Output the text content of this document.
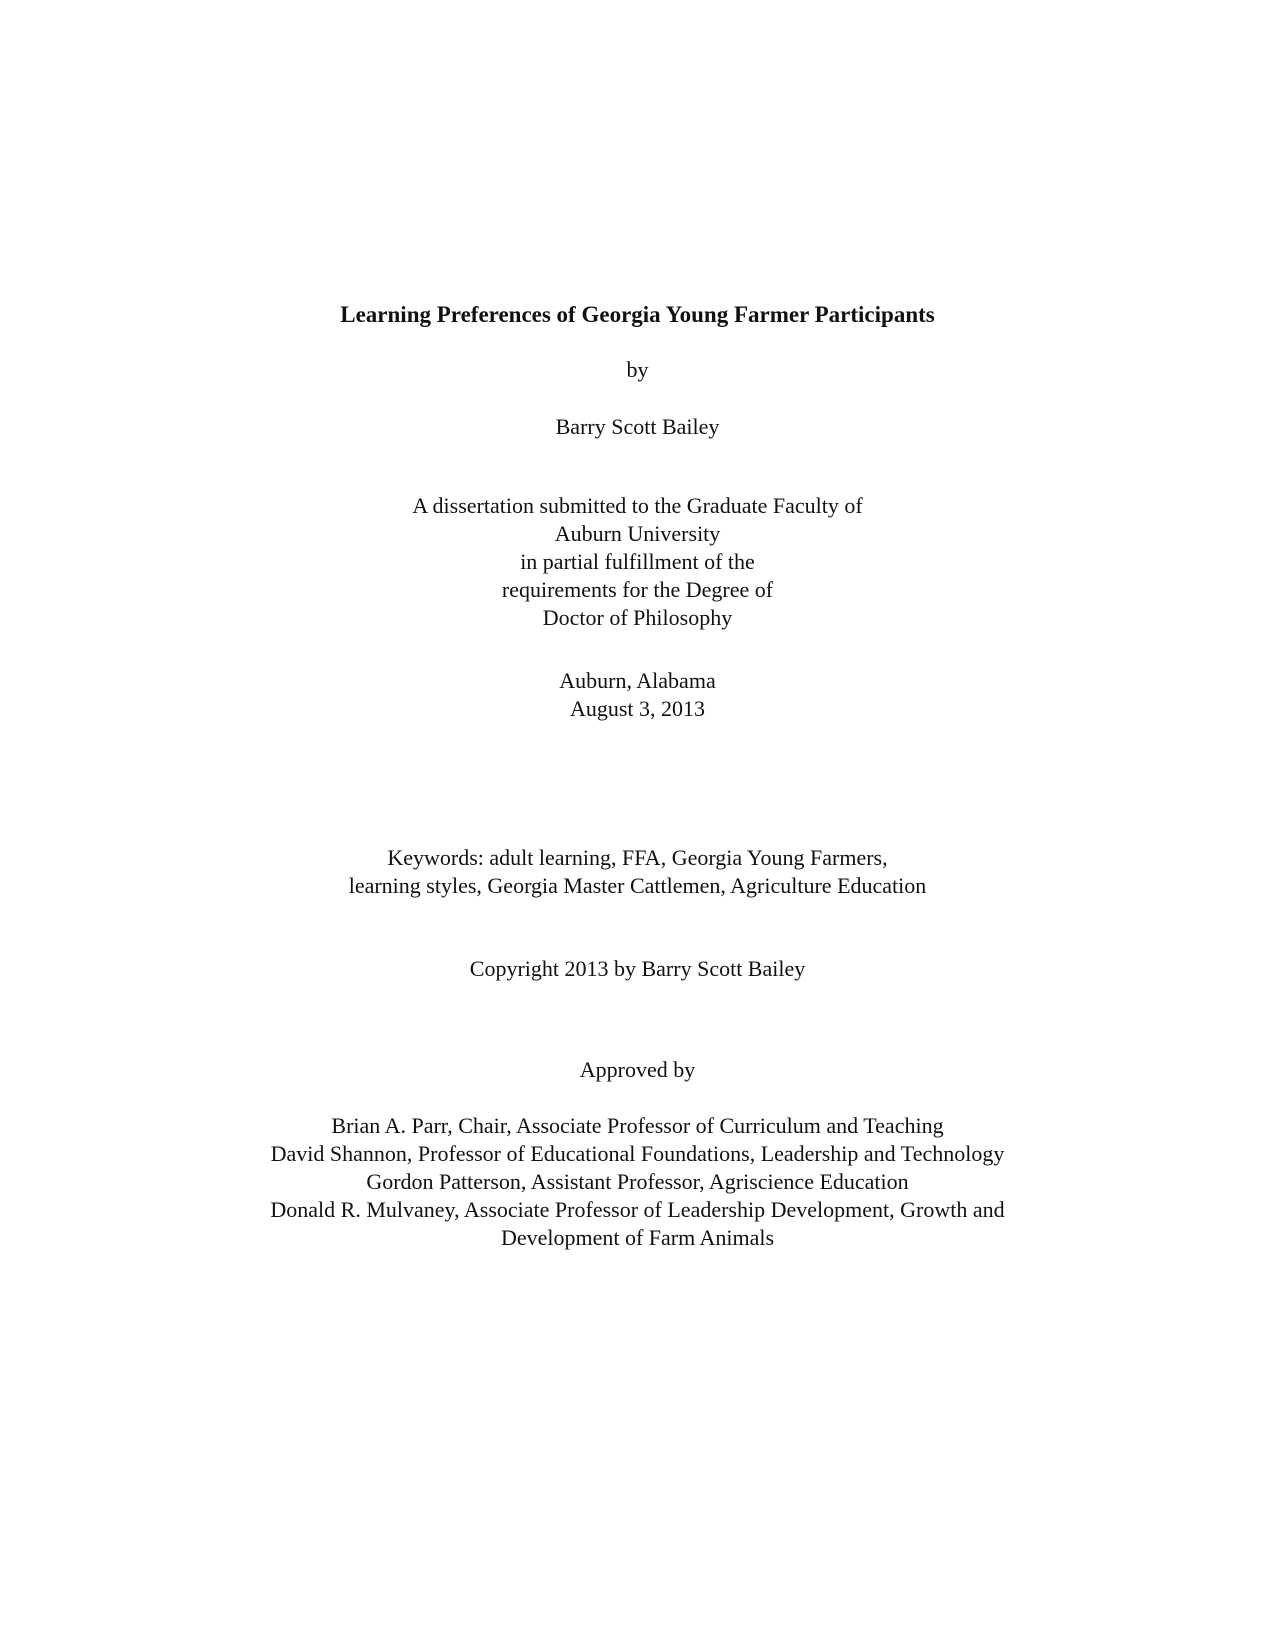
Learning Preferences of Georgia Young Farmer Participants
by
Barry Scott Bailey
A dissertation submitted to the Graduate Faculty of
Auburn University
in partial fulfillment of the
requirements for the Degree of
Doctor of Philosophy
Auburn, Alabama
August 3, 2013
Keywords: adult learning, FFA, Georgia Young Farmers,
learning styles, Georgia Master Cattlemen, Agriculture Education
Copyright 2013 by Barry Scott Bailey
Approved by
Brian A. Parr, Chair, Associate Professor of Curriculum and Teaching
David Shannon, Professor of Educational Foundations, Leadership and Technology
Gordon Patterson, Assistant Professor, Agriscience Education
Donald R. Mulvaney, Associate Professor of Leadership Development, Growth and
Development of Farm Animals
